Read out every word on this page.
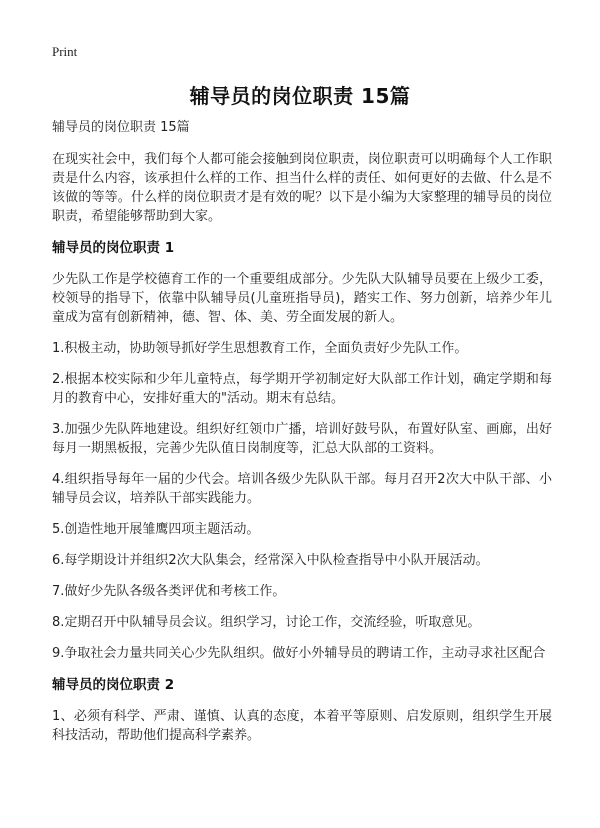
Print
辅导员的岗位职责 15篇

辅导员的岗位职责 15篇

在现实社会中，我们每个人都可能会接触到岗位职责，岗位职责可以明确每个人工作职责是什么内容，该承担什么样的工作、担当什么样的责任、如何更好的去做、什么是不该做的等等。什么样的岗位职责才是有效的呢？以下是小编为大家整理的辅导员的岗位职责，希望能够帮助到大家。

辅导员的岗位职责 1

少先队工作是学校德育工作的一个重要组成部分。少先队大队辅导员要在上级少工委，校领导的指导下，依靠中队辅导员(儿童班指导员)，踏实工作、努力创新，培养少年儿童成为富有创新精神，德、智、体、美、劳全面发展的新人。

1.积极主动，协助领导抓好学生思想教育工作，全面负责好少先队工作。
2.根据本校实际和少年儿童特点，每学期开学初制定好大队部工作计划，确定学期和每月的教育中心，安排好重大的"活动。期末有总结。
3.加强少先队阵地建设。组织好红领巾广播，培训好鼓号队，布置好队室、画廊，出好每月一期黑板报，完善少先队值日岗制度等，汇总大队部的工资料。
4.组织指导每年一届的少代会。培训各级少先队队干部。每月召开2次大中队干部、小辅导员会议，培养队干部实践能力。
5.创造性地开展雏鹰四项主题活动。
6.每学期设计并组织2次大队集会，经常深入中队检查指导中小队开展活动。
7.做好少先队各级各类评优和考核工作。
8.定期召开中队辅导员会议。组织学习，讨论工作，交流经验，听取意见。
9.争取社会力量共同关心少先队组织。做好小外辅导员的聘请工作，主动寻求社区配合
辅导员的岗位职责 2

1、必须有科学、严肃、谨慎、认真的态度，本着平等原则、启发原则，组织学生开展科技活动，帮助他们提高科学素养。
